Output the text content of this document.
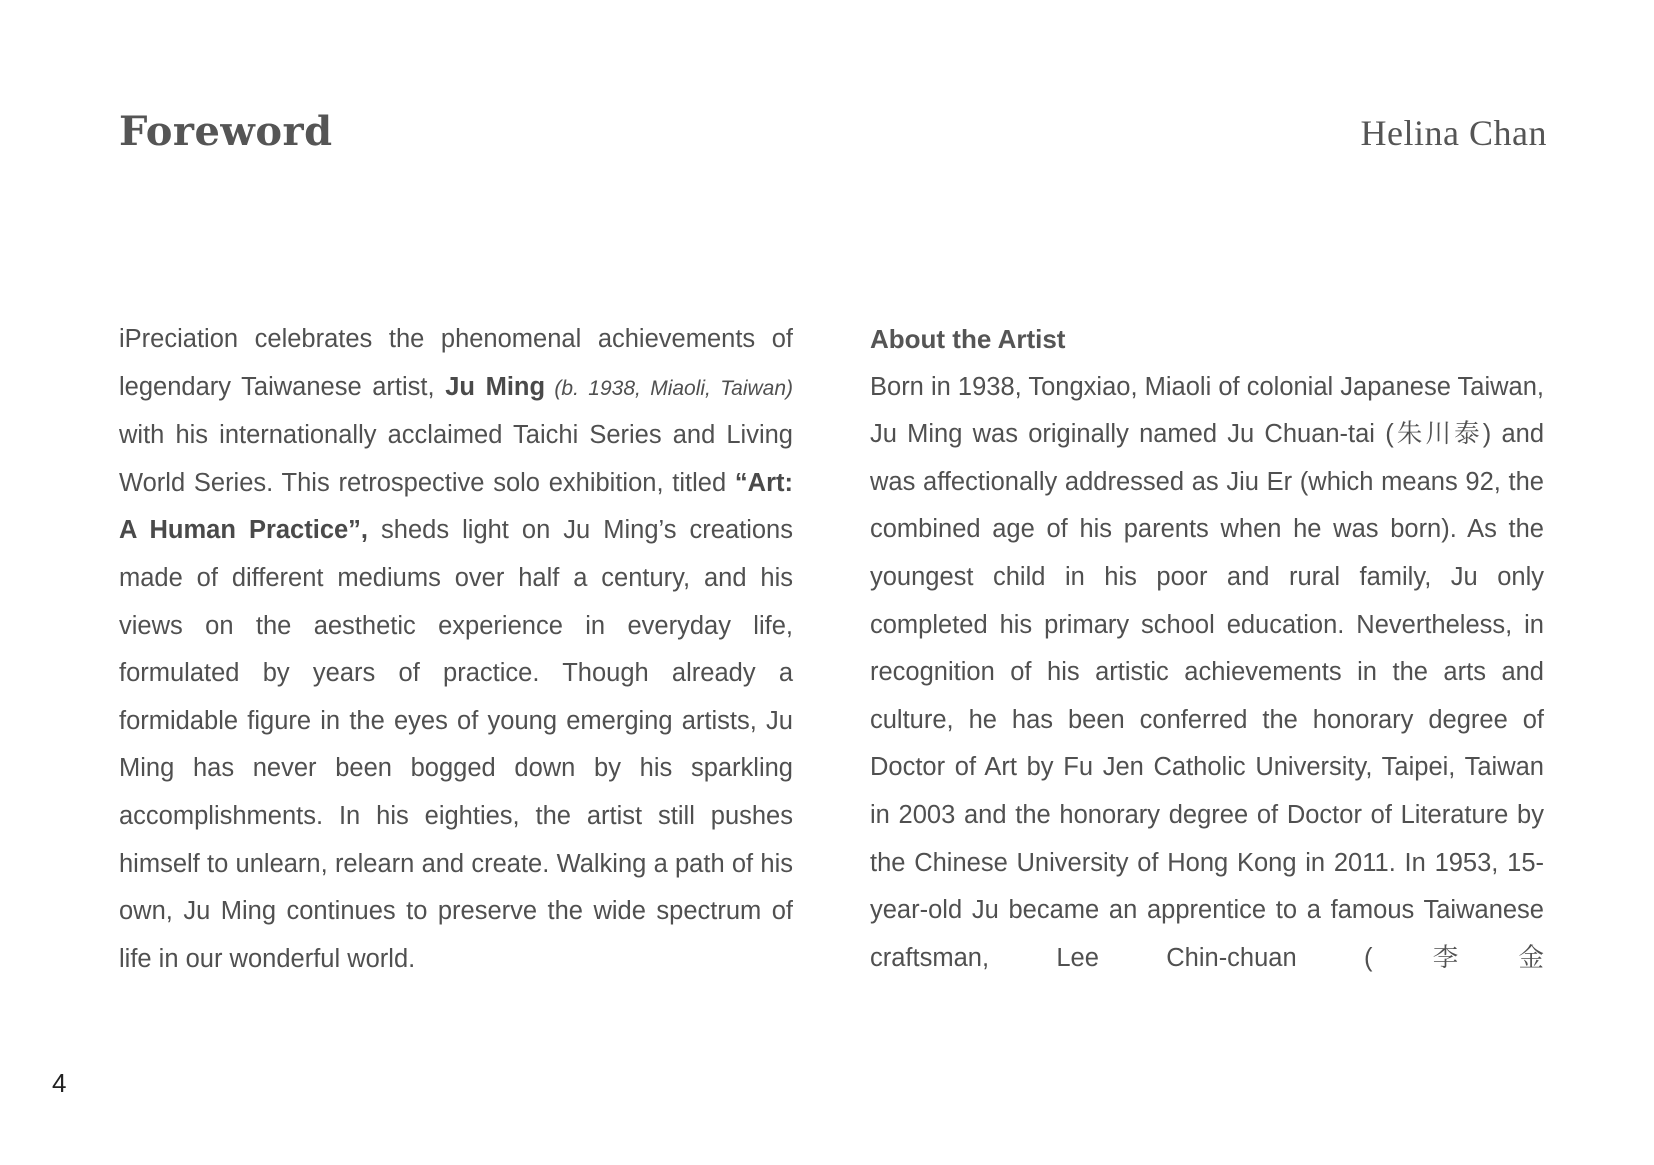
Foreword	Helina Chan

iPreciation celebrates the phenomenal achievements of legendary Taiwanese artist, Ju Ming (b. 1938, Miaoli, Taiwan) with his internationally acclaimed Taichi Series and Living World Series. This retrospective solo exhibition, titled “Art: A Human Practice”, sheds light on Ju Ming’s creations made of different mediums over half a century, and his views on the aesthetic experience in everyday life, formulated by years of practice. Though already a formidable figure in the eyes of young emerging artists, Ju Ming has never been bogged down by his sparkling accomplishments. In his eighties, the artist still pushes himself to unlearn, relearn and create. Walking a path of his own, Ju Ming continues to preserve the wide spectrum of life in our wonderful world.

About the Artist

Born in 1938, Tongxiao, Miaoli of colonial Japanese Taiwan, Ju Ming was originally named Ju Chuan-tai (朱川泰) and was affectionally addressed as Jiu Er (which means 92, the combined age of his parents when he was born). As the youngest child in his poor and rural family, Ju only completed his primary school education. Nevertheless, in recognition of his artistic achievements in the arts and culture, he has been conferred the honorary degree of Doctor of Art by Fu Jen Catholic University, Taipei, Taiwan in 2003 and the honorary degree of Doctor of Literature by the Chinese University of Hong Kong in 2011. In 1953, 15-year-old Ju became an apprentice to a famous Taiwanese craftsman, Lee Chin-chuan (李金

4
